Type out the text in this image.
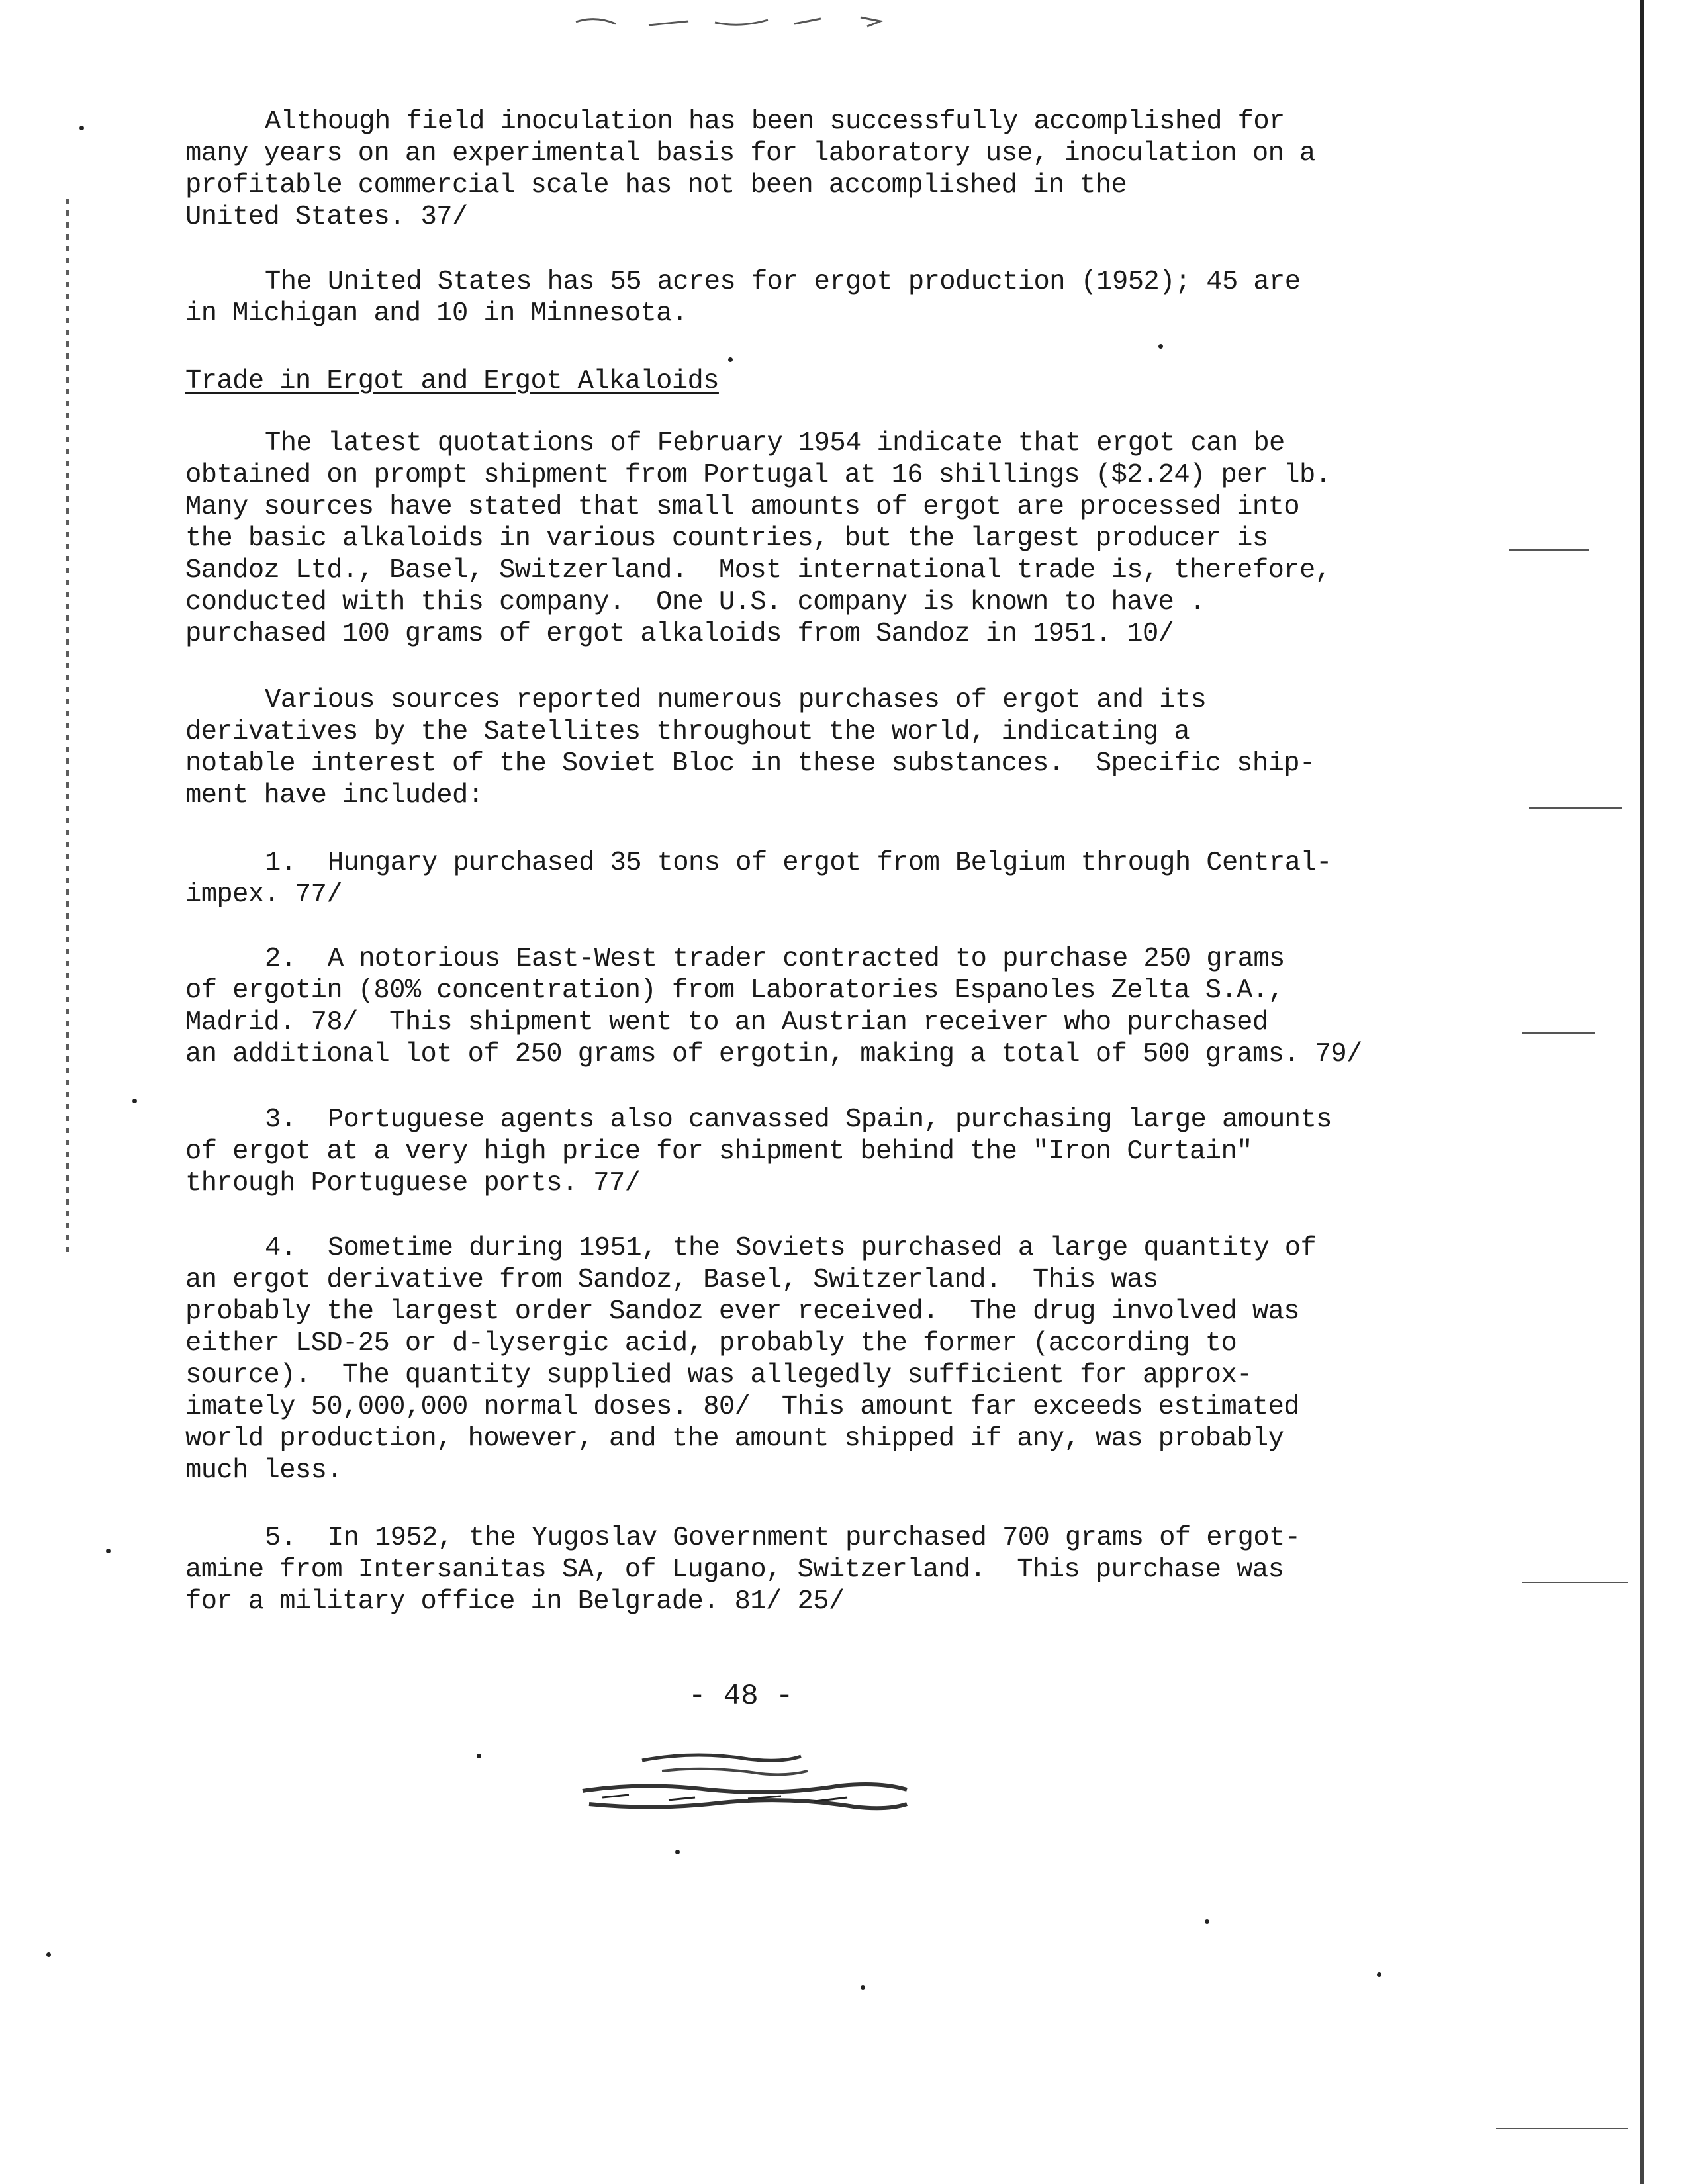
Although field inoculation has been successfully accomplished for
many years on an experimental basis for laboratory use, inoculation on a
profitable commercial scale has not been accomplished in the
United States. 37/
The United States has 55 acres for ergot production (1952); 45 are
in Michigan and 10 in Minnesota.
Trade in Ergot and Ergot Alkaloids
The latest quotations of February 1954 indicate that ergot can be
obtained on prompt shipment from Portugal at 16 shillings ($2.24) per lb.
Many sources have stated that small amounts of ergot are processed into
the basic alkaloids in various countries, but the largest producer is
Sandoz Ltd., Basel, Switzerland.  Most international trade is, therefore,
conducted with this company.  One U.S. company is known to have .
purchased 100 grams of ergot alkaloids from Sandoz in 1951. 10/
Various sources reported numerous purchases of ergot and its
derivatives by the Satellites throughout the world, indicating a
notable interest of the Soviet Bloc in these substances.  Specific ship-
ment have included:
1.  Hungary purchased 35 tons of ergot from Belgium through Central-
impex. 77/
2.  A notorious East-West trader contracted to purchase 250 grams
of ergotin (80% concentration) from Laboratories Espanoles Zelta S.A.,
Madrid. 78/  This shipment went to an Austrian receiver who purchased
an additional lot of 250 grams of ergotin, making a total of 500 grams. 79/
3.  Portuguese agents also canvassed Spain, purchasing large amounts
of ergot at a very high price for shipment behind the "Iron Curtain"
through Portuguese ports. 77/
4.  Sometime during 1951, the Soviets purchased a large quantity of
an ergot derivative from Sandoz, Basel, Switzerland.  This was
probably the largest order Sandoz ever received.  The drug involved was
either LSD-25 or d-lysergic acid, probably the former (according to
source).  The quantity supplied was allegedly sufficient for approx-
imately 50,000,000 normal doses. 80/  This amount far exceeds estimated
world production, however, and the amount shipped if any, was probably
much less.
5.  In 1952, the Yugoslav Government purchased 700 grams of ergot-
amine from Intersanitas SA, of Lugano, Switzerland.  This purchase was
for a military office in Belgrade. 81/ 25/
- 48 -
